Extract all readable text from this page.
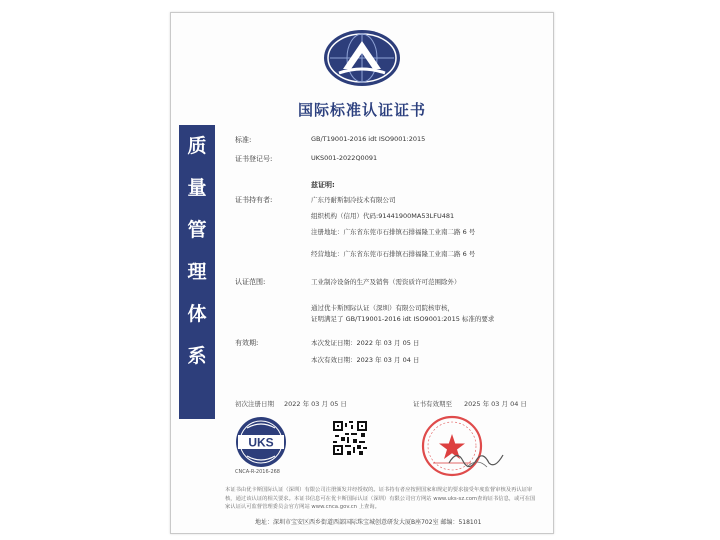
国际标准认证证书
质
量
管
理
体
系
标准:	GB/T19001-2016 idt ISO9001:2015
证书登记号:	UKS001-2022Q0091
兹证明:
证书持有者:	广东丹耐斯制冷技术有限公司
组织机构（信用）代码:91441900MA53LFU481
注册地址：广东省东莞市石排镇石排福隆工业南二路 6 号
经营地址：广东省东莞市石排镇石排福隆工业南二路 6 号
认证范围:	工业制冷设备的生产及销售（需资质许可范围除外）
通过优卡斯国际认证（深圳）有限公司院核审核，
证明满足了 GB/T19001-2016 idt ISO9001:2015 标准的要求
有效期:	本次发证日期：2022 年 03 月 05 日
本次有效日期：2023 年 03 月 04 日
初次注册日期 2022 年 03 月 05 日	证书有效期至 2025 年 03 月 04 日
UKS
CNCA-R-2016-268
本证书由优卡斯国际认证（深圳）有限公司注册颁发并经授权的。证书持有者应按照国家和规定的要求接受年度监督审核及再认证审核，通过该认证的相关要求。本证书信息可在优卡斯国际认证（深圳）有限公司官方网站 www.uks-sz.com查询证书信息，或可在国家认证认可监督管理委员会官方网站 www.cnca.gov.cn 上查询。
地址：深圳市宝安区西乡街道西部国际珠宝城创意研发大厦B座702室 邮编：518101
